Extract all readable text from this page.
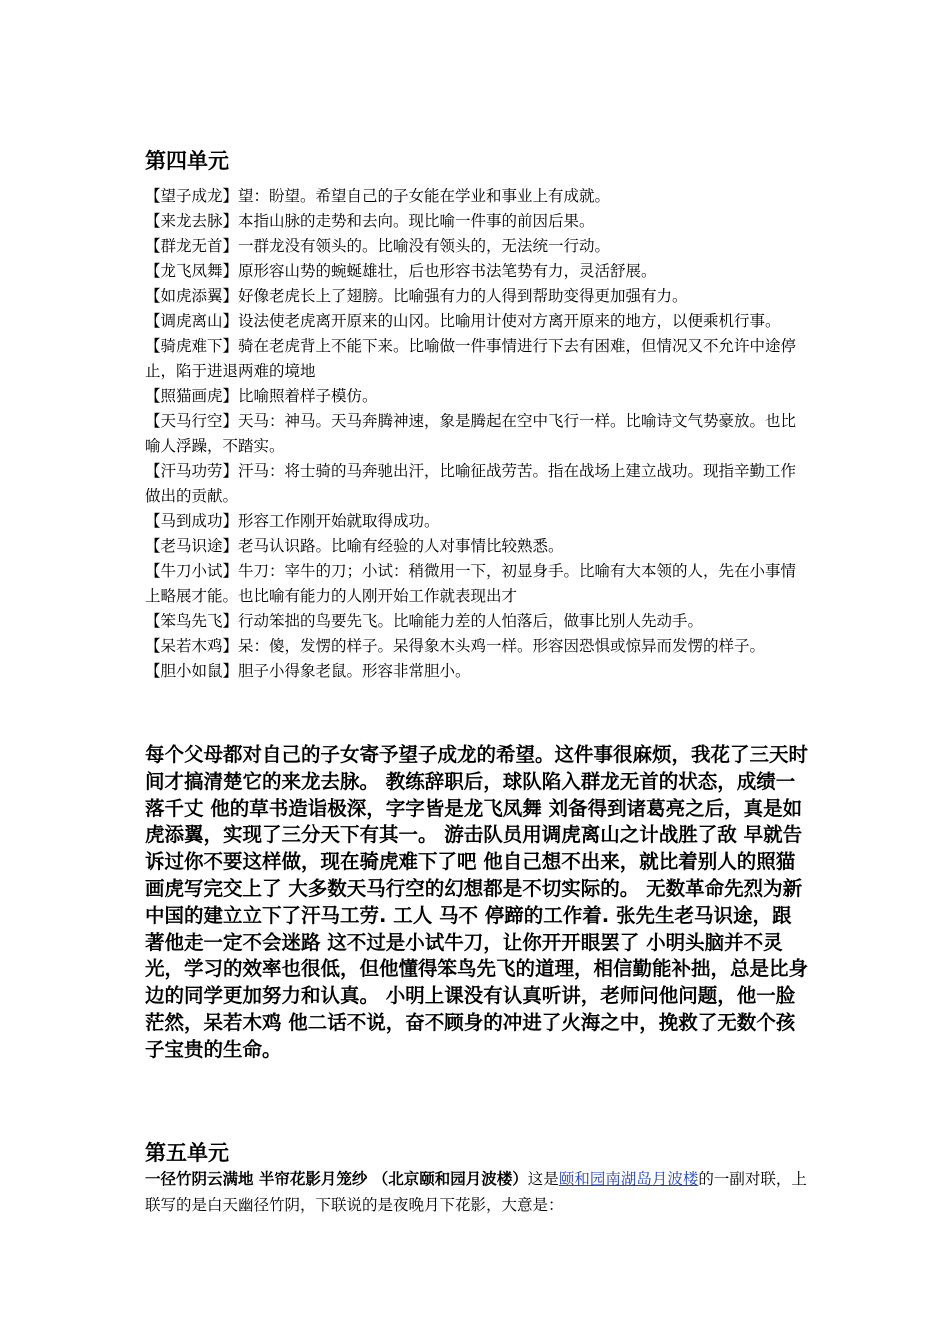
第四单元

【望子成龙】望：盼望。希望自己的子女能在学业和事业上有成就。

【来龙去脉】本指山脉的走势和去向。现比喻一件事的前因后果。

【群龙无首】一群龙没有领头的。比喻没有领头的，无法统一行动。

【龙飞凤舞】原形容山势的蜿蜒雄壮，后也形容书法笔势有力，灵活舒展。

【如虎添翼】好像老虎长上了翅膀。比喻强有力的人得到帮助变得更加强有力。

【调虎离山】设法使老虎离开原来的山冈。比喻用计使对方离开原来的地方，以便乘机行事。

【骑虎难下】骑在老虎背上不能下来。比喻做一件事情进行下去有困难，但情况又不允许中途停止，陷于进退两难的境地

【照猫画虎】比喻照着样子模仿。

【天马行空】天马：神马。天马奔腾神速，象是腾起在空中飞行一样。比喻诗文气势豪放。也比喻人浮躁，不踏实。

【汗马功劳】汗马：将士骑的马奔驰出汗，比喻征战劳苦。指在战场上建立战功。现指辛勤工作做出的贡献。

【马到成功】形容工作刚开始就取得成功。

【老马识途】老马认识路。比喻有经验的人对事情比较熟悉。

【牛刀小试】牛刀：宰牛的刀；小试：稍微用一下，初显身手。比喻有大本领的人，先在小事情上略展才能。也比喻有能力的人刚开始工作就表现出才

【笨鸟先飞】行动笨拙的鸟要先飞。比喻能力差的人怕落后，做事比别人先动手。

【呆若木鸡】呆：傻，发愣的样子。呆得象木头鸡一样。形容因恐惧或惊异而发愣的样子。

【胆小如鼠】胆子小得象老鼠。形容非常胆小。

每个父母都对自己的子女寄予望子成龙的希望。这件事很麻烦，我花了三天时间才搞清楚它的来龙去脉。 教练辞职后，球队陷入群龙无首的状态，成绩一落千丈 他的草书造诣极深，字字皆是龙飞凤舞 刘备得到诸葛亮之后，真是如虎添翼，实现了三分天下有其一。 游击队员用调虎离山之计战胜了敌 早就告诉过你不要这样做，现在骑虎难下了吧 他自己想不出来，就比着别人的照猫画虎写完交上了 大多数天马行空的幻想都是不切实际的。 无数革命先烈为新中国的建立立下了汗马工劳. 工人 马不 停蹄的工作着. 张先生老马识途，跟著他走一定不会迷路 这不过是小试牛刀，让你开开眼罢了 小明头脑并不灵光，学习的效率也很低，但他懂得笨鸟先飞的道理，相信勤能补拙，总是比身边的同学更加努力和认真。 小明上课没有认真听讲，老师问他问题，他一脸茫然，呆若木鸡 他二话不说，奋不顾身的冲进了火海之中，挽救了无数个孩子宝贵的生命。

第五单元
一径竹阴云满地 半帘花影月笼纱 （北京颐和园月波楼）这是颐和园南湖岛月波楼的一副对联，上联写的是白天幽径竹阴，下联说的是夜晚月下花影，大意是：
